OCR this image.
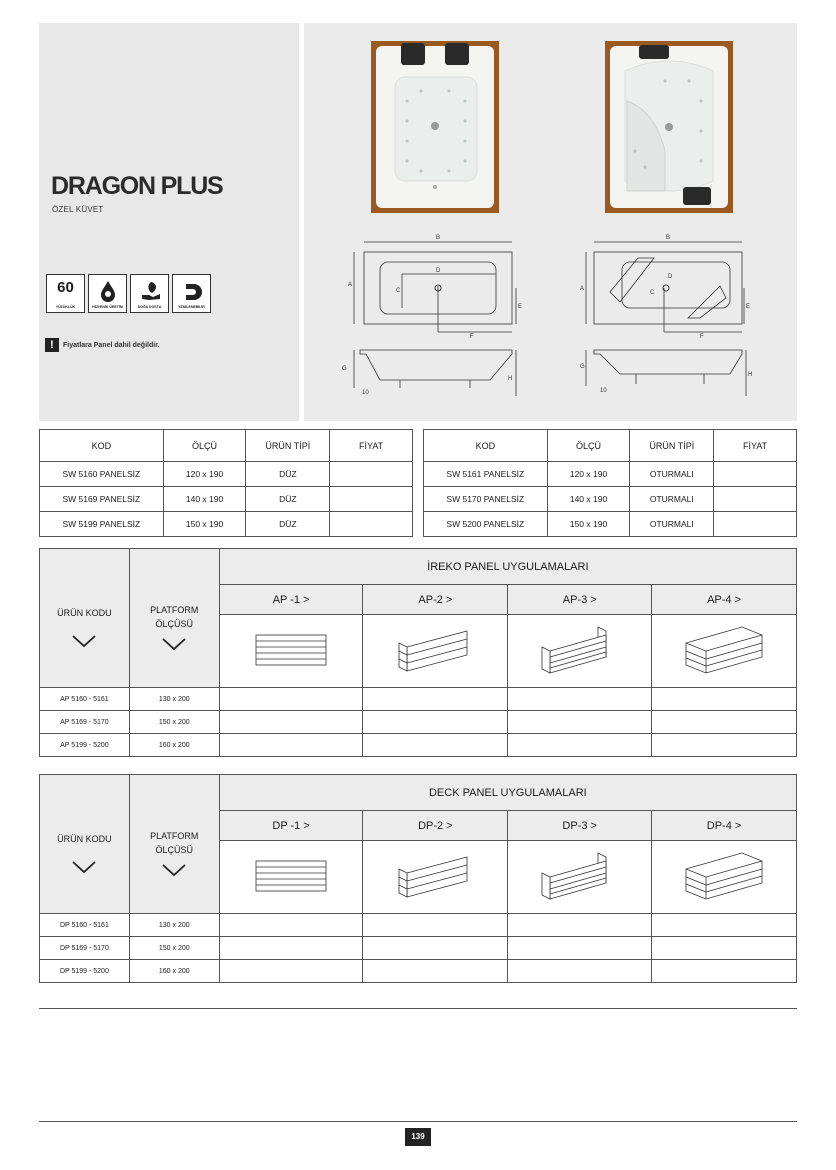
DRAGON PLUS
ÖZEL KÜVET
60
YÜZÜKLÜK	HİJYENİK ÜRETİM	DOĞA DOSTU	YENİLENEBİLİR
!	Fiyatlara Panel dahil değildir.
B
A
D
C
E
F
B
A
D
C
E
F
G
H
10
G
H
10
KOD	ÖLÇÜ	ÜRÜN TİPİ	FİYAT
SW 5160 PANELSİZ	120 x 190	DÜZ	
SW 5169 PANELSİZ	140 x 190	DÜZ	
SW 5199 PANELSİZ	150 x 190	DÜZ	
KOD	ÖLÇÜ	ÜRÜN TİPİ	FİYAT
SW 5161 PANELSİZ	120 x 190	OTURMALI	
SW 5170 PANELSİZ	140 x 190	OTURMALI	
SW 5200 PANELSİZ	150 x 190	OTURMALI	
ÜRÜN KODU	PLATFORM
ÖLÇÜSÜ	İREKO PANEL UYGULAMALARI			
		AP -1 >	AP-2 >	AP-3 >	AP-4 >

AP 5160 - 5161	130 x 200				
AP 5169 - 5170	150 x 200				
AP 5199 - 5200	160 x 200				
ÜRÜN KODU	PLATFORM
ÖLÇÜSÜ	DECK PANEL UYGULAMALARI			
		DP -1 >	DP-2 >	DP-3 >	DP-4 >

DP 5160 - 5161	130 x 200				
DP 5169 - 5170	150 x 200				
DP 5199 - 5200	160 x 200				
139
